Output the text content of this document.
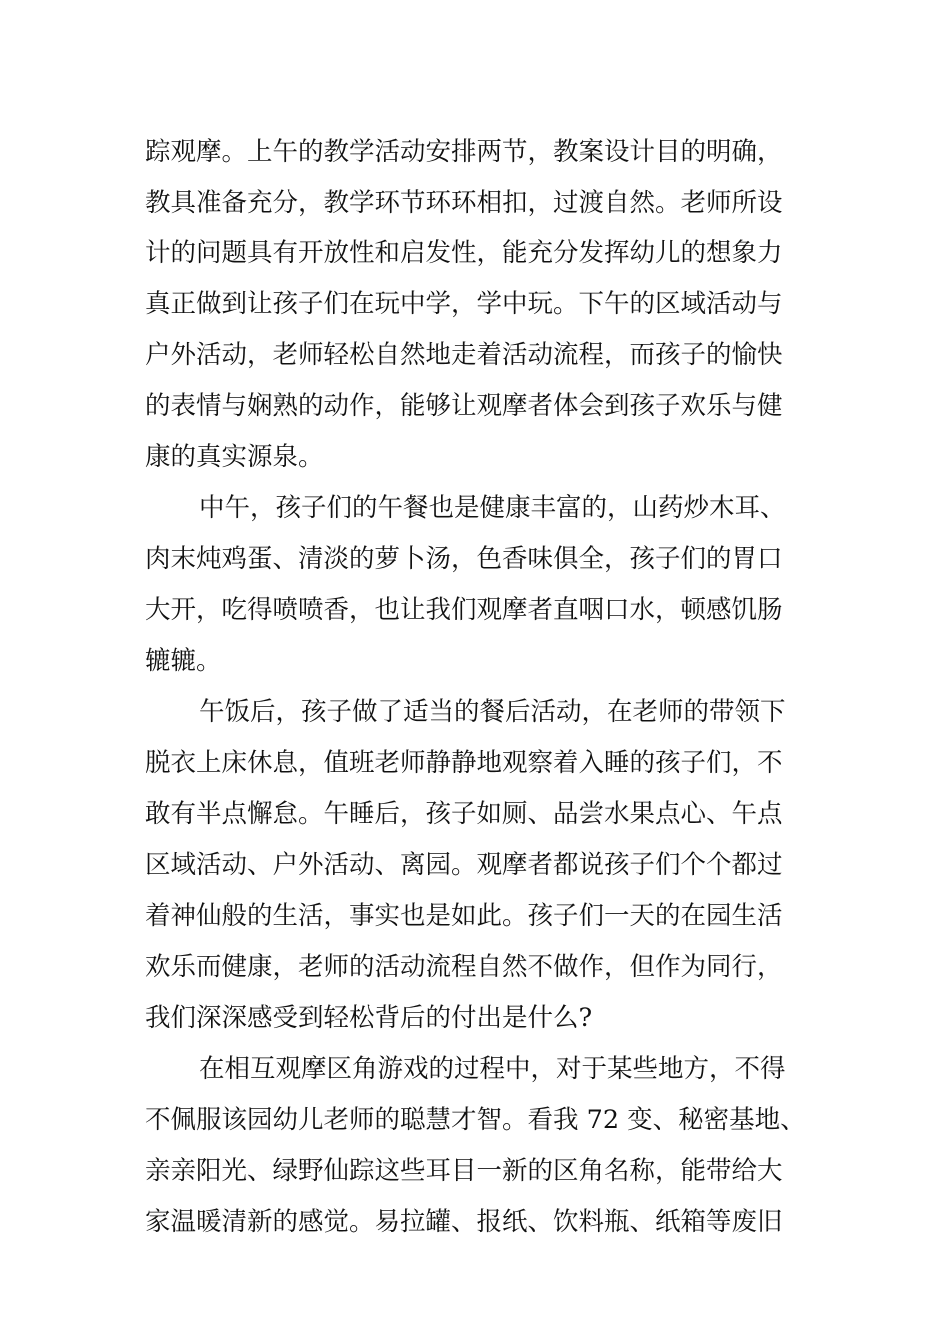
踪观摩。上午的教学活动安排两节，教案设计目的明确，
教具准备充分，教学环节环环相扣，过渡自然。老师所设
计的问题具有开放性和启发性，能充分发挥幼儿的想象力
真正做到让孩子们在玩中学，学中玩。下午的区域活动与
户外活动，老师轻松自然地走着活动流程，而孩子的愉快
的表情与娴熟的动作，能够让观摩者体会到孩子欢乐与健
康的真实源泉。
中午，孩子们的午餐也是健康丰富的，山药炒木耳、
肉末炖鸡蛋、清淡的萝卜汤，色香味俱全，孩子们的胃口
大开，吃得喷喷香，也让我们观摩者直咽口水，顿感饥肠
辘辘。
午饭后，孩子做了适当的餐后活动，在老师的带领下
脱衣上床休息，值班老师静静地观察着入睡的孩子们，不
敢有半点懈怠。午睡后，孩子如厕、品尝水果点心、午点
区域活动、户外活动、离园。观摩者都说孩子们个个都过
着神仙般的生活，事实也是如此。孩子们一天的在园生活
欢乐而健康，老师的活动流程自然不做作，但作为同行，
我们深深感受到轻松背后的付出是什么?
在相互观摩区角游戏的过程中，对于某些地方，不得
不佩服该园幼儿老师的聪慧才智。看我 72 变、秘密基地、
亲亲阳光、绿野仙踪这些耳目一新的区角名称，能带给大
家温暖清新的感觉。易拉罐、报纸、饮料瓶、纸箱等废旧
